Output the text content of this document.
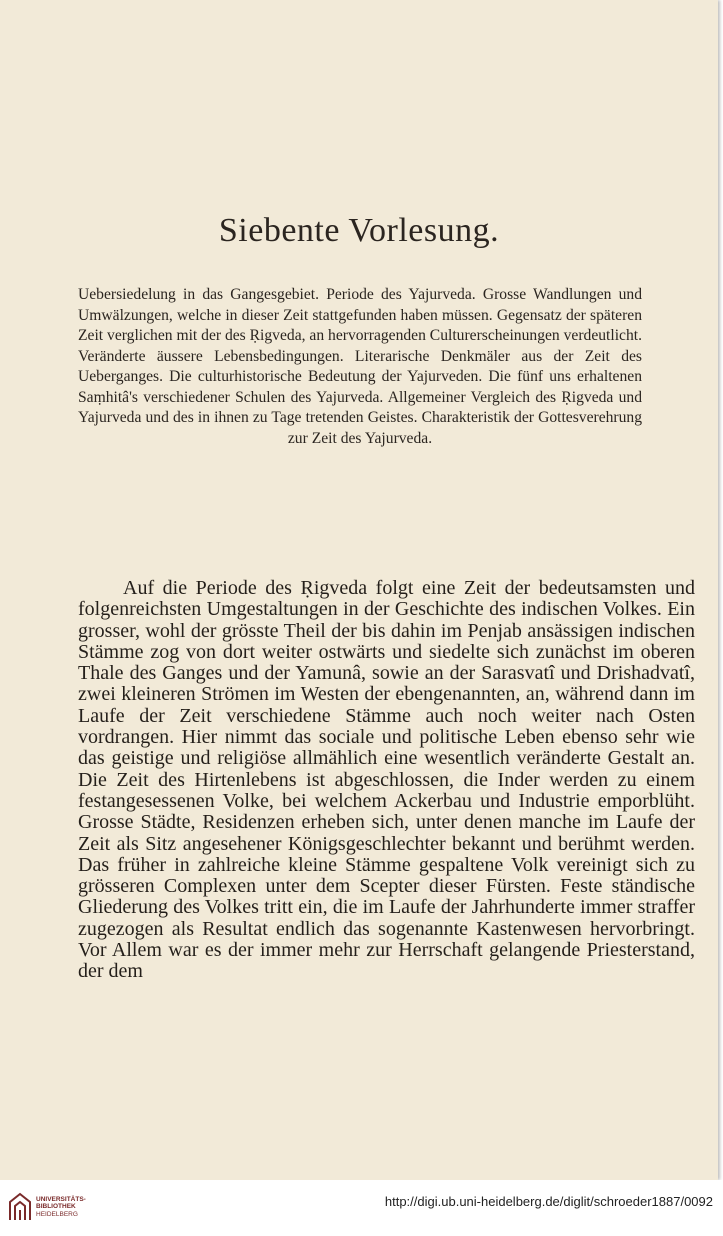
Siebente Vorlesung.

Uebersiedelung in das Gangesgebiet. Periode des Yajurveda. Grosse Wandlungen und Umwälzungen, welche in dieser Zeit stattgefunden haben müssen. Gegensatz der späteren Zeit verglichen mit der des Ṛigveda, an hervorragenden Culturerscheinungen verdeutlicht. Veränderte äussere Lebensbedingungen. Literarische Denkmäler aus der Zeit des Ueberganges. Die culturhistorische Bedeutung der Yajurveden. Die fünf uns erhaltenen Saṃhitâ's verschiedener Schulen des Yajurveda. Allgemeiner Vergleich des Ṛigveda und Yajurveda und des in ihnen zu Tage tretenden Geistes. Charakteristik der Gottesverehrung zur Zeit des Yajurveda.

Auf die Periode des Ṛigveda folgt eine Zeit der bedeutsamsten und folgenreichsten Umgestaltungen in der Geschichte des indischen Volkes. Ein grosser, wohl der grösste Theil der bis dahin im Penjab ansässigen indischen Stämme zog von dort weiter ostwärts und siedelte sich zunächst im oberen Thale des Ganges und der Yamunâ, sowie an der Sarasvatî und Drishadvatî, zwei kleineren Strömen im Westen der ebengenannten, an, während dann im Laufe der Zeit verschiedene Stämme auch noch weiter nach Osten vordrangen. Hier nimmt das sociale und politische Leben ebenso sehr wie das geistige und religiöse allmählich eine wesentlich veränderte Gestalt an. Die Zeit des Hirtenlebens ist abgeschlossen, die Inder werden zu einem festangesessenen Volke, bei welchem Ackerbau und Industrie emporblüht. Grosse Städte, Residenzen erheben sich, unter denen manche im Laufe der Zeit als Sitz angesehener Königsgeschlechter bekannt und berühmt werden. Das früher in zahlreiche kleine Stämme gespaltene Volk vereinigt sich zu grösseren Complexen unter dem Scepter dieser Fürsten. Feste ständische Gliederung des Volkes tritt ein, die im Laufe der Jahrhunderte immer straffer zugezogen als Resultat endlich das sogenannte Kastenwesen hervorbringt. Vor Allem war es der immer mehr zur Herrschaft gelangende Priesterstand, der dem

UNIVERSITÄTS-
BIBLIOTHEK
HEIDELBERG
http://digi.ub.uni-heidelberg.de/diglit/schroeder1887/0092
